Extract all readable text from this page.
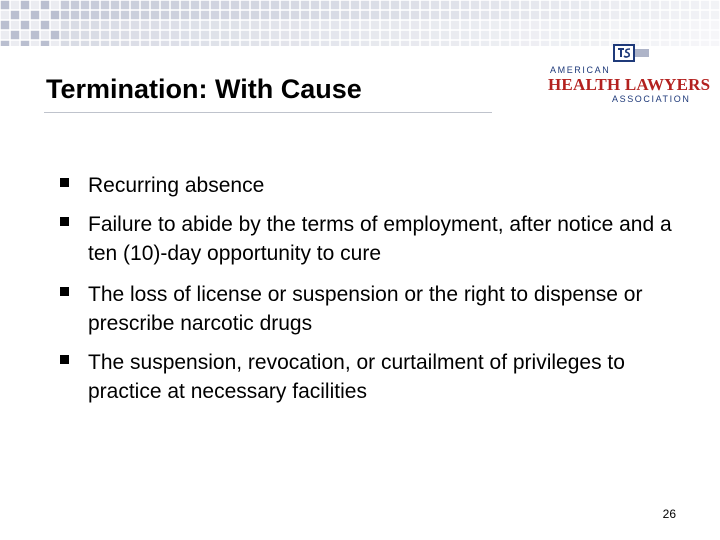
Termination: With Cause
AMERICAN
HEALTH LAWYERS
ASSOCIATION
Recurring absence
Failure to abide by the terms of employment, after notice and a ten (10)-day opportunity to cure
The loss of license or suspension or the right to dispense or prescribe narcotic drugs
The suspension, revocation, or curtailment of privileges to practice at necessary facilities
26
